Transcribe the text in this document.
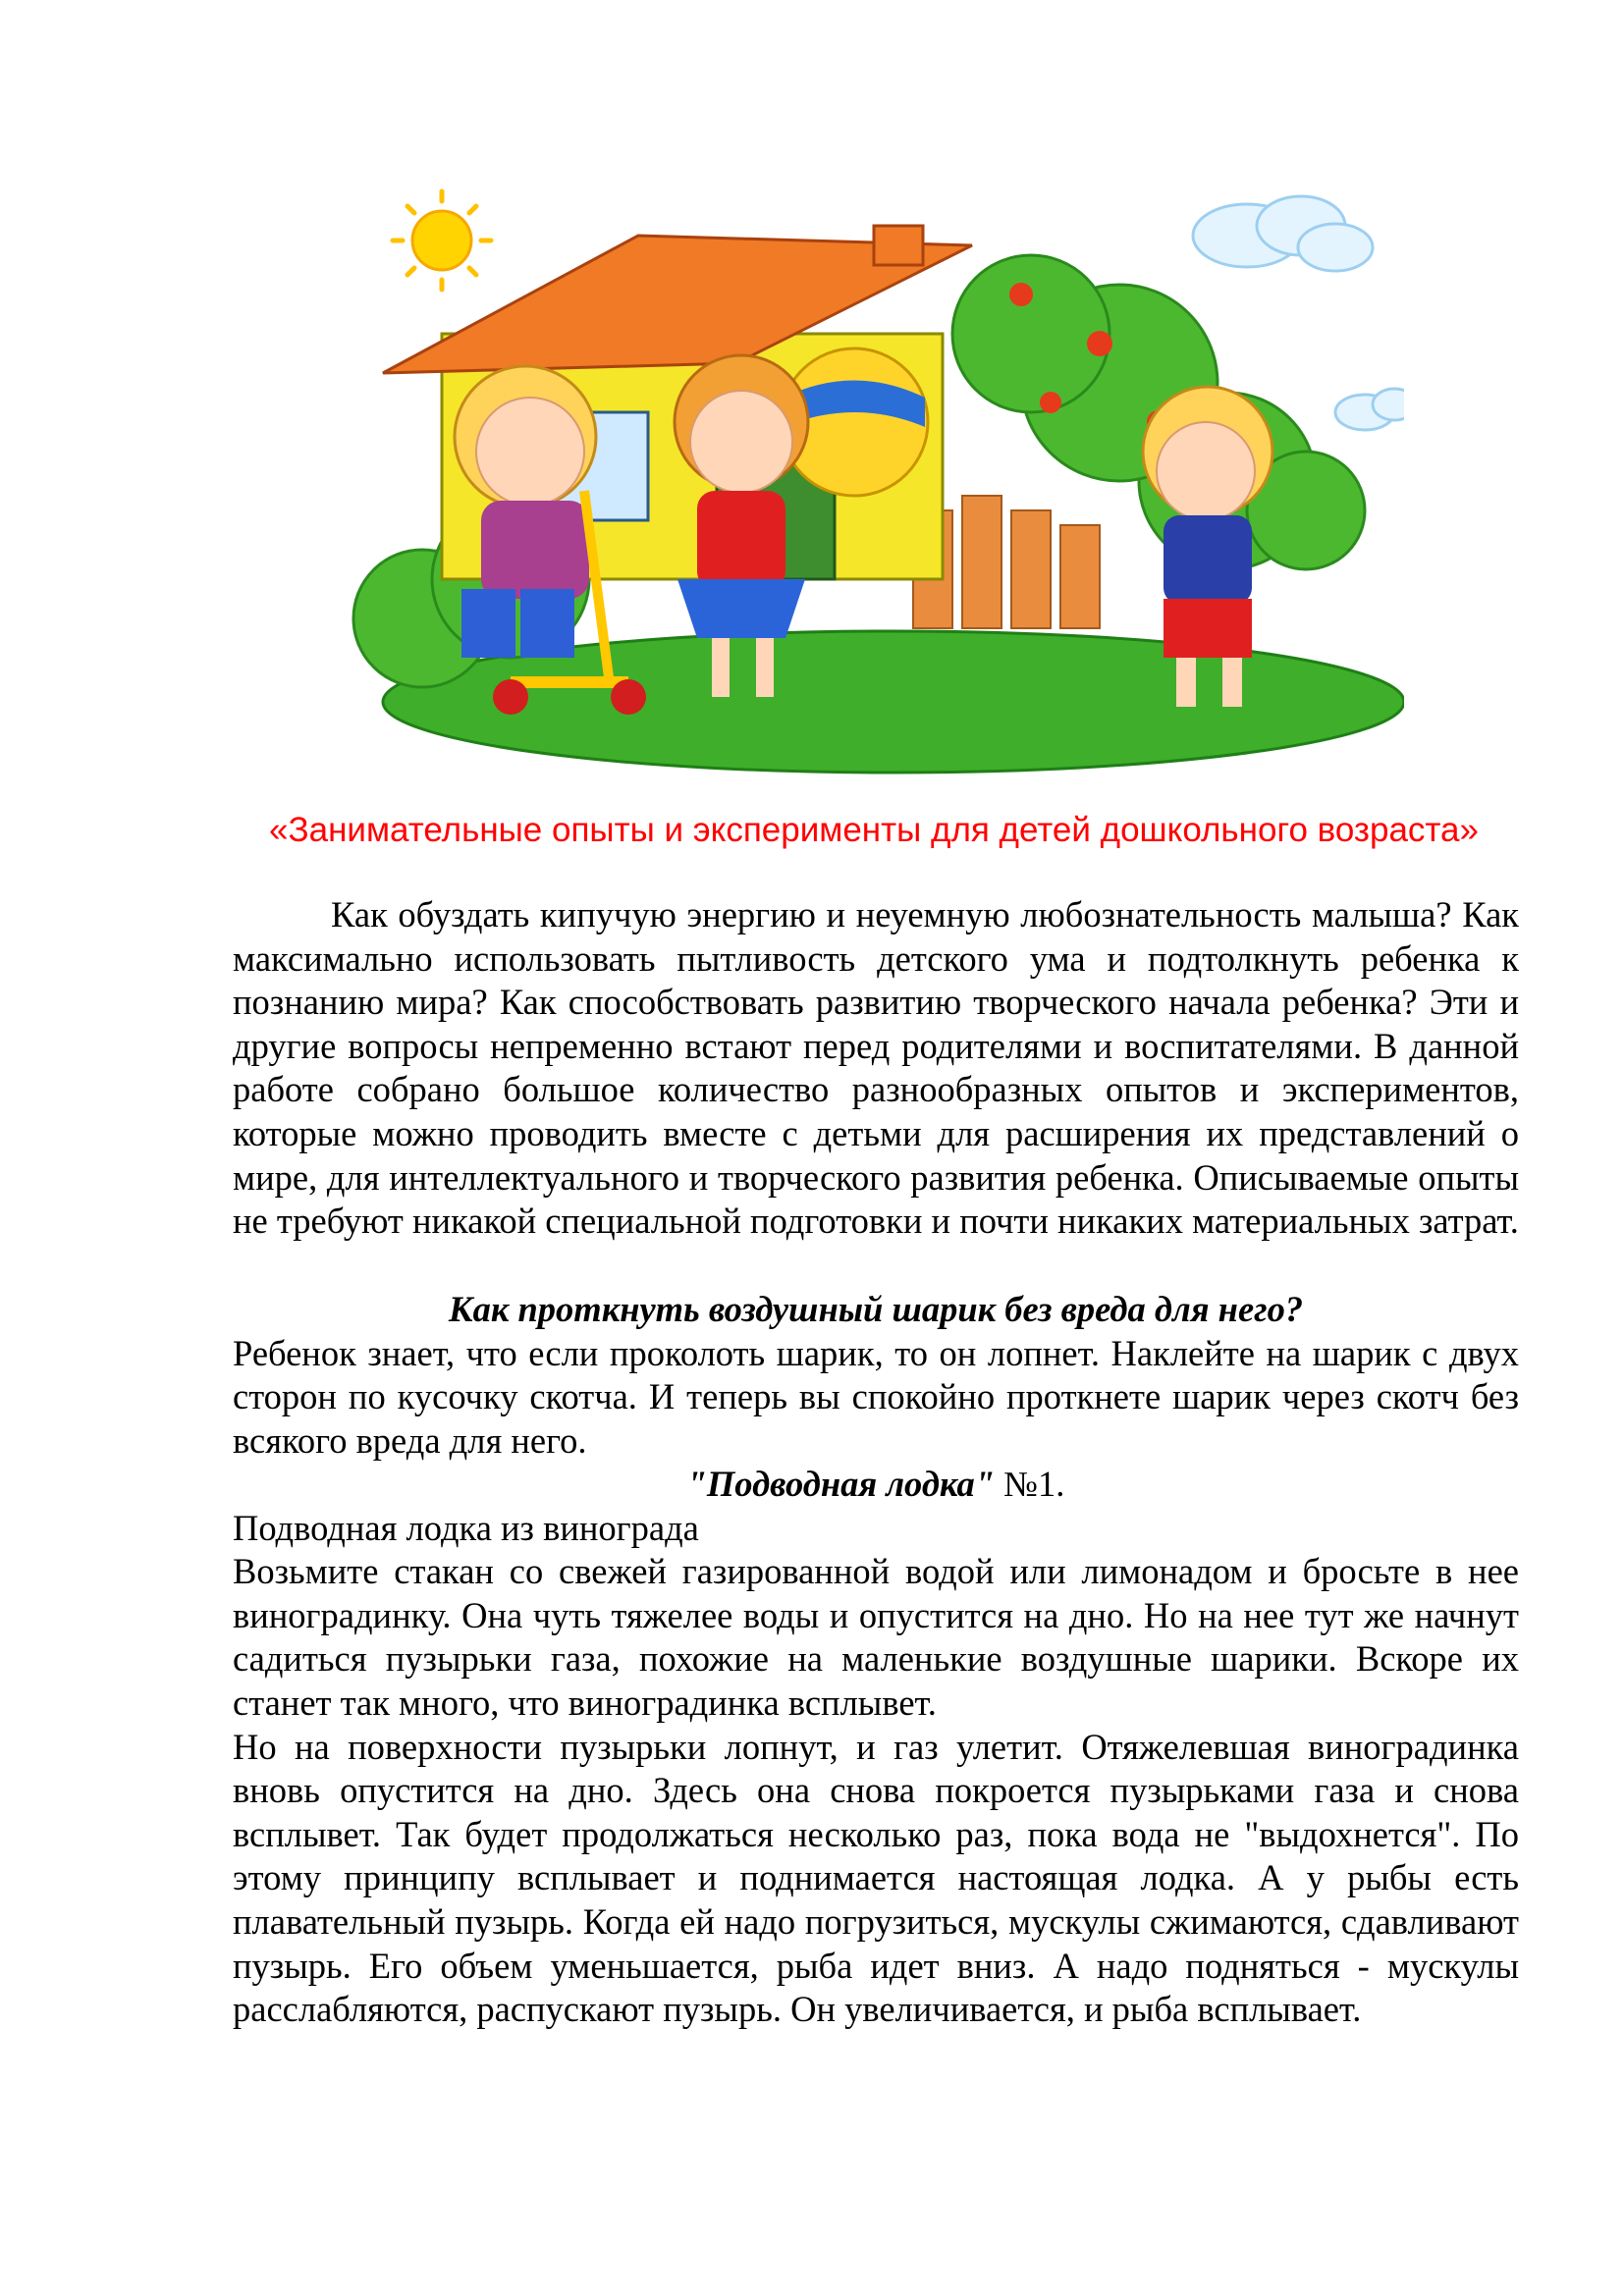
«Занимательные опыты и эксперименты для детей дошкольного возраста»

Как обуздать кипучую энергию и неуемную любознательность малыша? Как максимально использовать пытливость детского ума и подтолкнуть ребенка к познанию мира? Как способствовать развитию творческого начала ребенка? Эти и другие вопросы непременно встают перед родителями и воспитателями. В данной работе собрано большое количество разнообразных опытов и экспериментов, которые можно проводить вместе с детьми для расширения их представлений о мире, для интеллектуального и творческого развития ребенка. Описываемые опыты не требуют никакой специальной подготовки и почти никаких материальных затрат.

Как проткнуть воздушный шарик без вреда для него?

Ребенок знает, что если проколоть шарик, то он лопнет. Наклейте на шарик с двух сторон по кусочку скотча. И теперь вы спокойно проткнете шарик через скотч без всякого вреда для него.

"Подводная лодка" №1.

Подводная лодка из винограда

Возьмите стакан со свежей газированной водой или лимонадом и бросьте в нее виноградинку. Она чуть тяжелее воды и опустится на дно. Но на нее тут же начнут садиться пузырьки газа, похожие на маленькие воздушные шарики. Вскоре их станет так много, что виноградинка всплывет.

Но на поверхности пузырьки лопнут, и газ улетит. Отяжелевшая виноградинка вновь опустится на дно. Здесь она снова покроется пузырьками газа и снова всплывет. Так будет продолжаться несколько раз, пока вода не "выдохнется". По этому принципу всплывает и поднимается настоящая лодка. А у рыбы есть плавательный пузырь. Когда ей надо погрузиться, мускулы сжимаются, сдавливают пузырь. Его объем уменьшается, рыба идет вниз. А надо подняться - мускулы расслабляются, распускают пузырь. Он увеличивается, и рыба всплывает.
